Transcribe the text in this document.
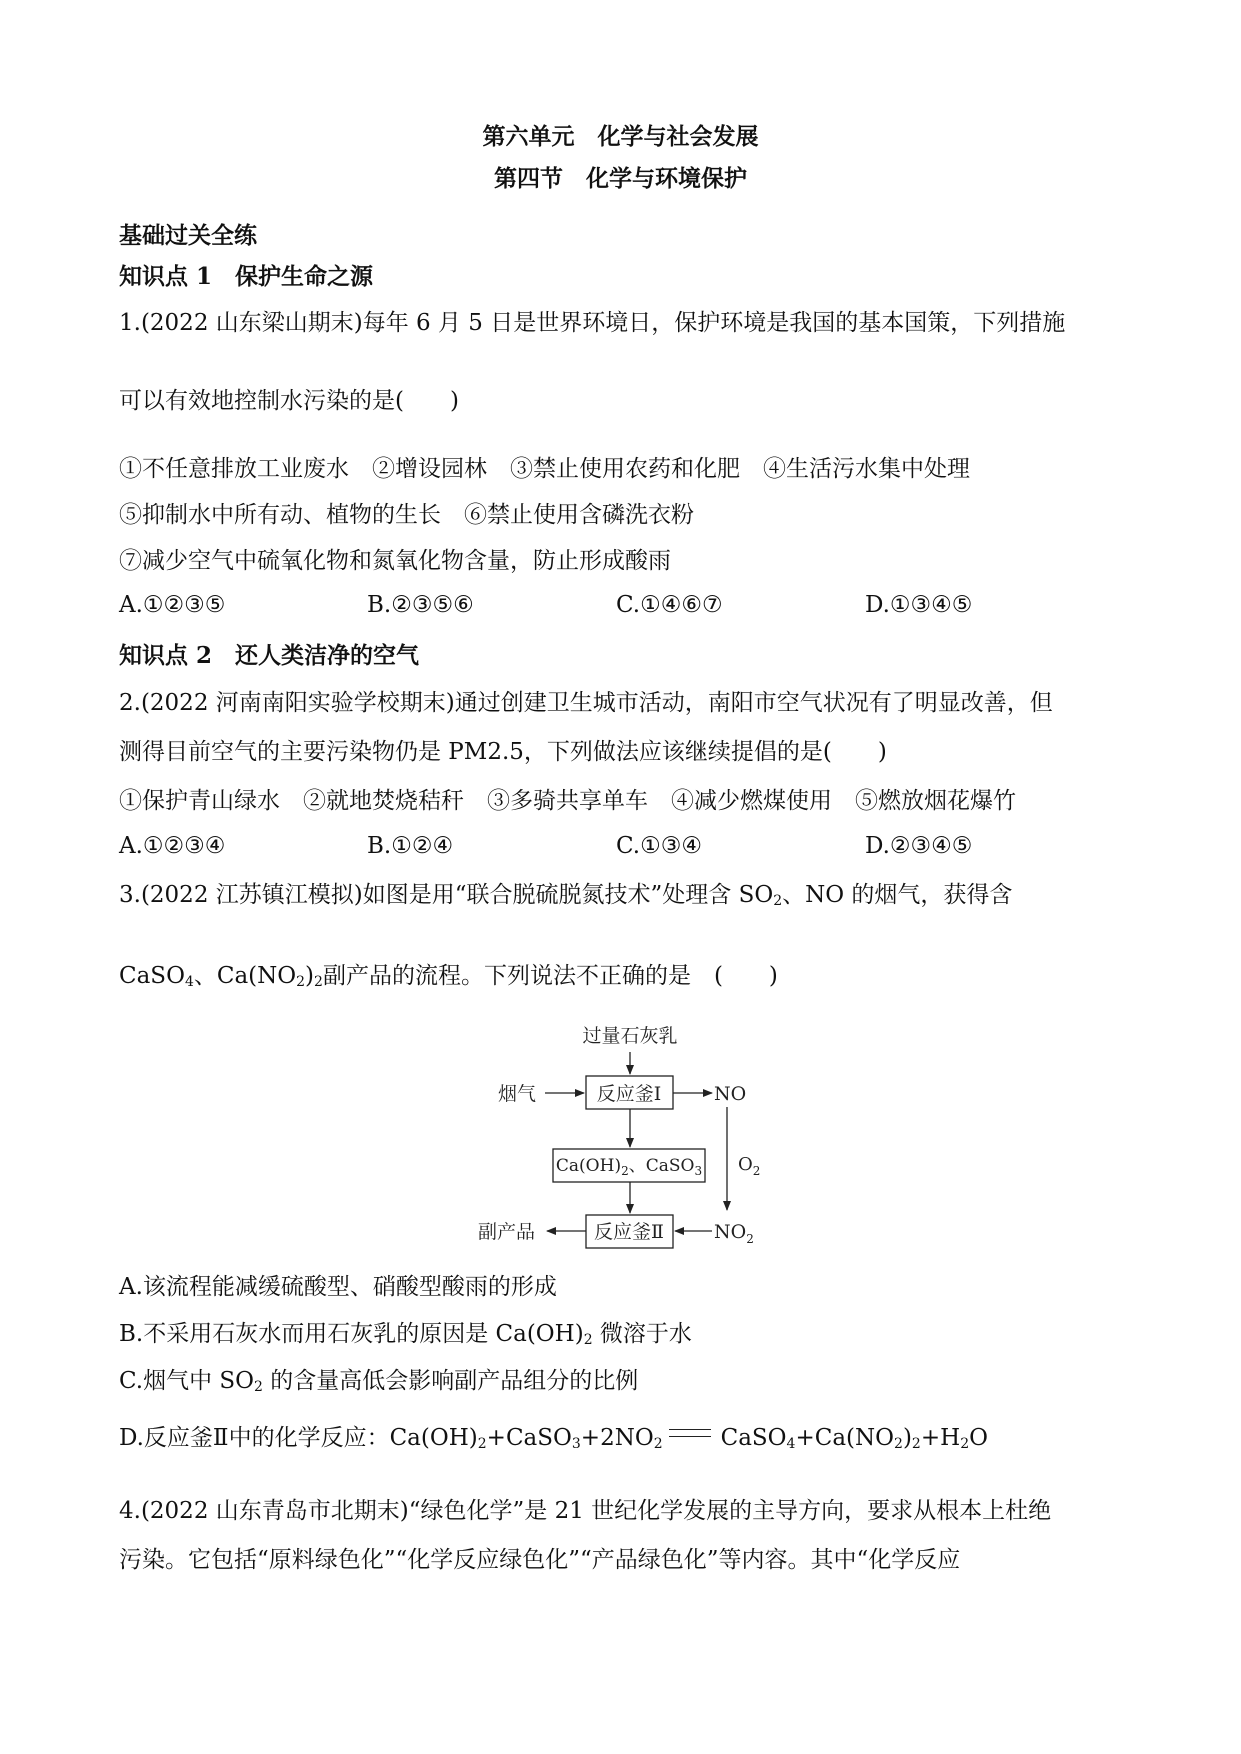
第六单元　化学与社会发展
第四节　化学与环境保护
基础过关全练
知识点 1　保护生命之源
1.(2022 山东梁山期末)每年 6 月 5 日是世界环境日，保护环境是我国的基本国策，下列措施
可以有效地控制水污染的是(　　)
①不任意排放工业废水　②增设园林　③禁止使用农药和化肥　④生活污水集中处理
⑤抑制水中所有动、植物的生长　⑥禁止使用含磷洗衣粉
⑦减少空气中硫氧化物和氮氧化物含量，防止形成酸雨
A.①②③⑤	B.②③⑤⑥	C.①④⑥⑦	D.①③④⑤
知识点 2　还人类洁净的空气
2.(2022 河南南阳实验学校期末)通过创建卫生城市活动，南阳市空气状况有了明显改善，但
测得目前空气的主要污染物仍是 PM2.5，下列做法应该继续提倡的是(　　)
①保护青山绿水　②就地焚烧秸秆　③多骑共享单车　④减少燃煤使用　⑤燃放烟花爆竹
A.①②③④	B.①②④	C.①③④	D.②③④⑤
3.(2022 江苏镇江模拟)如图是用“联合脱硫脱氮技术”处理含 $SO_2$、NO 的烟气，获得含
CaSO$_4$、$Ca(NO_2)_2$副产品的流程。下列说法不正确的是　(　　)
过量石灰乳
烟气	反应釜Ⅰ	NO
$Ca(OH)_2$、CaSO$_3$ $O_2$
反应釜Ⅱ	$NO_2$
副产品
A.该流程能减缓硫酸型、硝酸型酸雨的形成
B.不采用石灰水而用石灰乳的原因是 $Ca(OH)_2$ 微溶于水
C.烟气中 $SO_2$ 的含量高低会影响副产品组分的比例
D.反应釜Ⅱ中的化学反应：$Ca(OH)_2+CaSO_3+2NO_2$	$CaSO_4+Ca(NO_2)_2+H_2O$
4.(2022 山东青岛市北期末)“绿色化学”是 21 世纪化学发展的主导方向，要求从根本上杜绝
污染。它包括“原料绿色化”“化学反应绿色化”“产品绿色化”等内容。其中“化学反应
